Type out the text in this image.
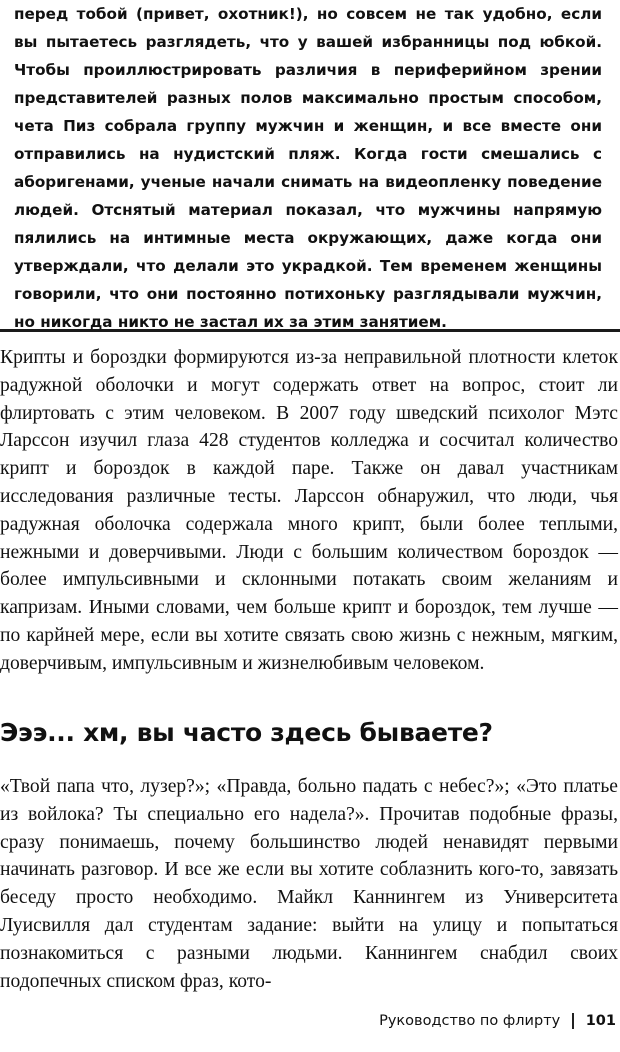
перед тобой (привет, охотник!), но совсем не так удобно, если вы пытаетесь разглядеть, что у вашей избранницы под юбкой. Чтобы проиллюстрировать различия в периферийном зрении представителей разных полов максимально простым способом, чета Пиз собрала группу мужчин и женщин, и все вместе они отправились на нудистский пляж. Когда гости смешались с аборигенами, ученые начали снимать на видеопленку поведение людей. Отснятый материал показал, что мужчины напрямую пялились на интимные места окружающих, даже когда они утверждали, что делали это украдкой. Тем временем женщины говорили, что они постоянно потихоньку разглядывали мужчин, но никогда никто не застал их за этим занятием.

Крипты и бороздки формируются из-за неправильной плотности клеток радужной оболочки и могут содержать ответ на вопрос, стоит ли флиртовать с этим человеком. В 2007 году шведский психолог Мэтс Ларссон изучил глаза 428 студентов колледжа и сосчитал количество крипт и бороздок в каждой паре. Также он давал участникам исследования различные тесты. Ларссон обнаружил, что люди, чья радужная оболочка содержала много крипт, были более теплыми, нежными и доверчивыми. Люди с большим количеством бороздок — более импульсивными и склонными потакать своим желаниям и капризам. Иными словами, чем больше крипт и бороздок, тем лучше — по карйней мере, если вы хотите связать свою жизнь с нежным, мягким, доверчивым, импульсивным и жизнелюбивым человеком.

Эээ... хм, вы часто здесь бываете?

«Твой папа что, лузер?»; «Правда, больно падать с небес?»; «Это платье из войлока? Ты специально его надела?». Прочитав подобные фразы, сразу понимаешь, почему большинство людей ненавидят первыми начинать разговор. И все же если вы хотите соблазнить кого-то, завязать беседу просто необходимо. Майкл Каннингем из Университета Луисвилля дал студентам задание: выйти на улицу и попытаться познакомиться с разными людьми. Каннингем снабдил своих подопечных списком фраз, кото-

Руководство по флирту 101
